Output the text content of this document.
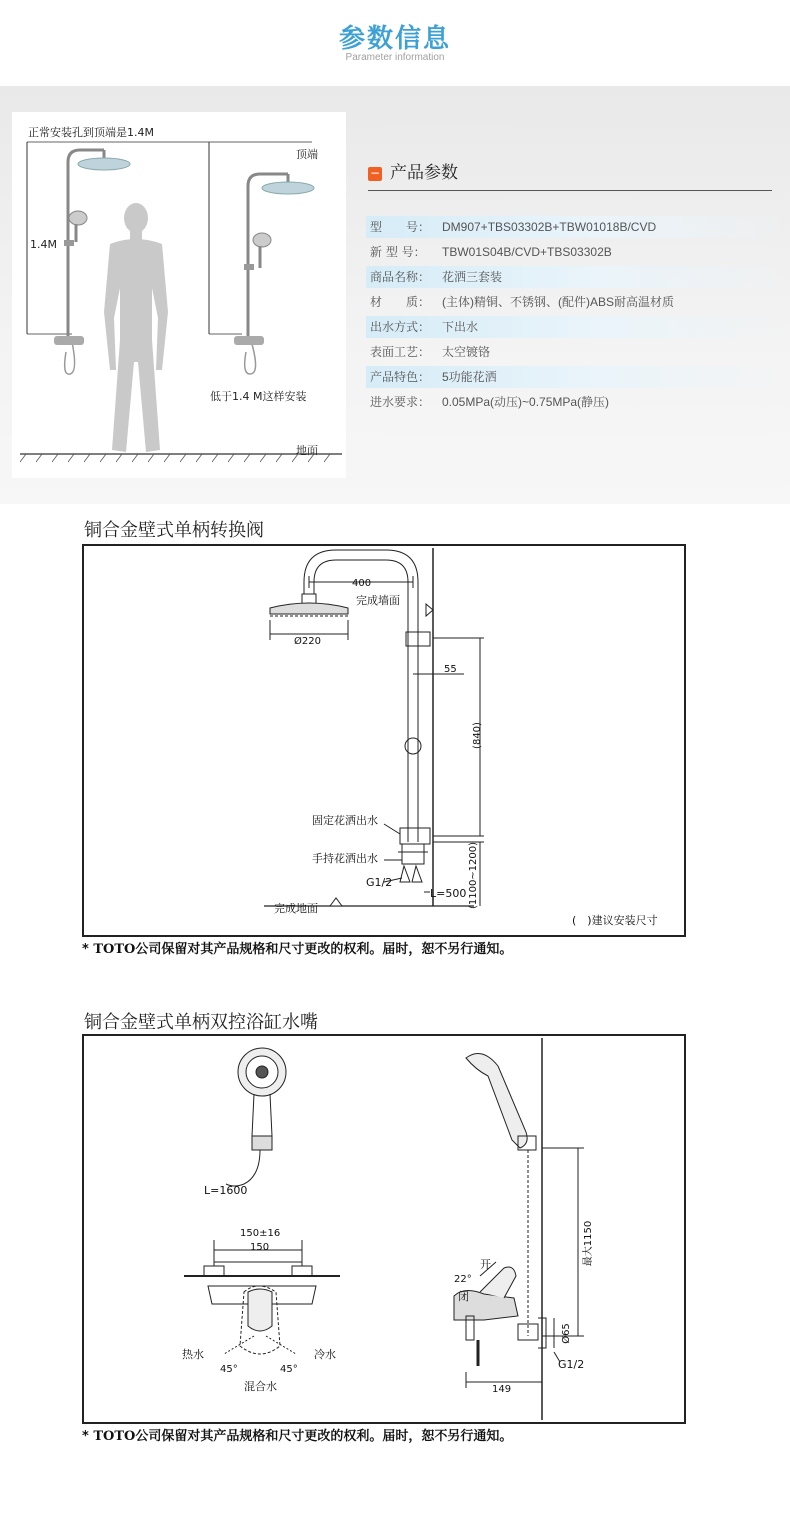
参数信息
Parameter information
正常安装孔到顶端是1.4M
顶端
1.4M
低于1.4 M这样安装
地面
− 产品参数
型　　号： DM907+TBS03302B+TBW01018B/CVD
新 型 号： TBW01S04B/CVD+TBS03302B
商品名称： 花洒三套装
材　　质： (主体)精铜、不锈钢、(配件)ABS耐高温材质
出水方式： 下出水
表面工艺： 太空镀铬
产品特色： 5功能花洒
进水要求： 0.05MPa(动压)~0.75MPa(静压)
铜合金壁式单柄转换阀
400
完成墙面
Ø220
55
(840)
固定花洒出水
手持花洒出水
G1/2
L=500
完成地面	(1100~1200)
(　)建议安装尺寸
* TOTO公司保留对其产品规格和尺寸更改的权利。届时，恕不另行通知。
铜合金壁式单柄双控浴缸水嘴
L=1600
150±16
150
热水	冷水
45°	45°
混合水
开
22°
闭
最大1150
Ø65
G1/2
149
* TOTO公司保留对其产品规格和尺寸更改的权利。届时，恕不另行通知。
